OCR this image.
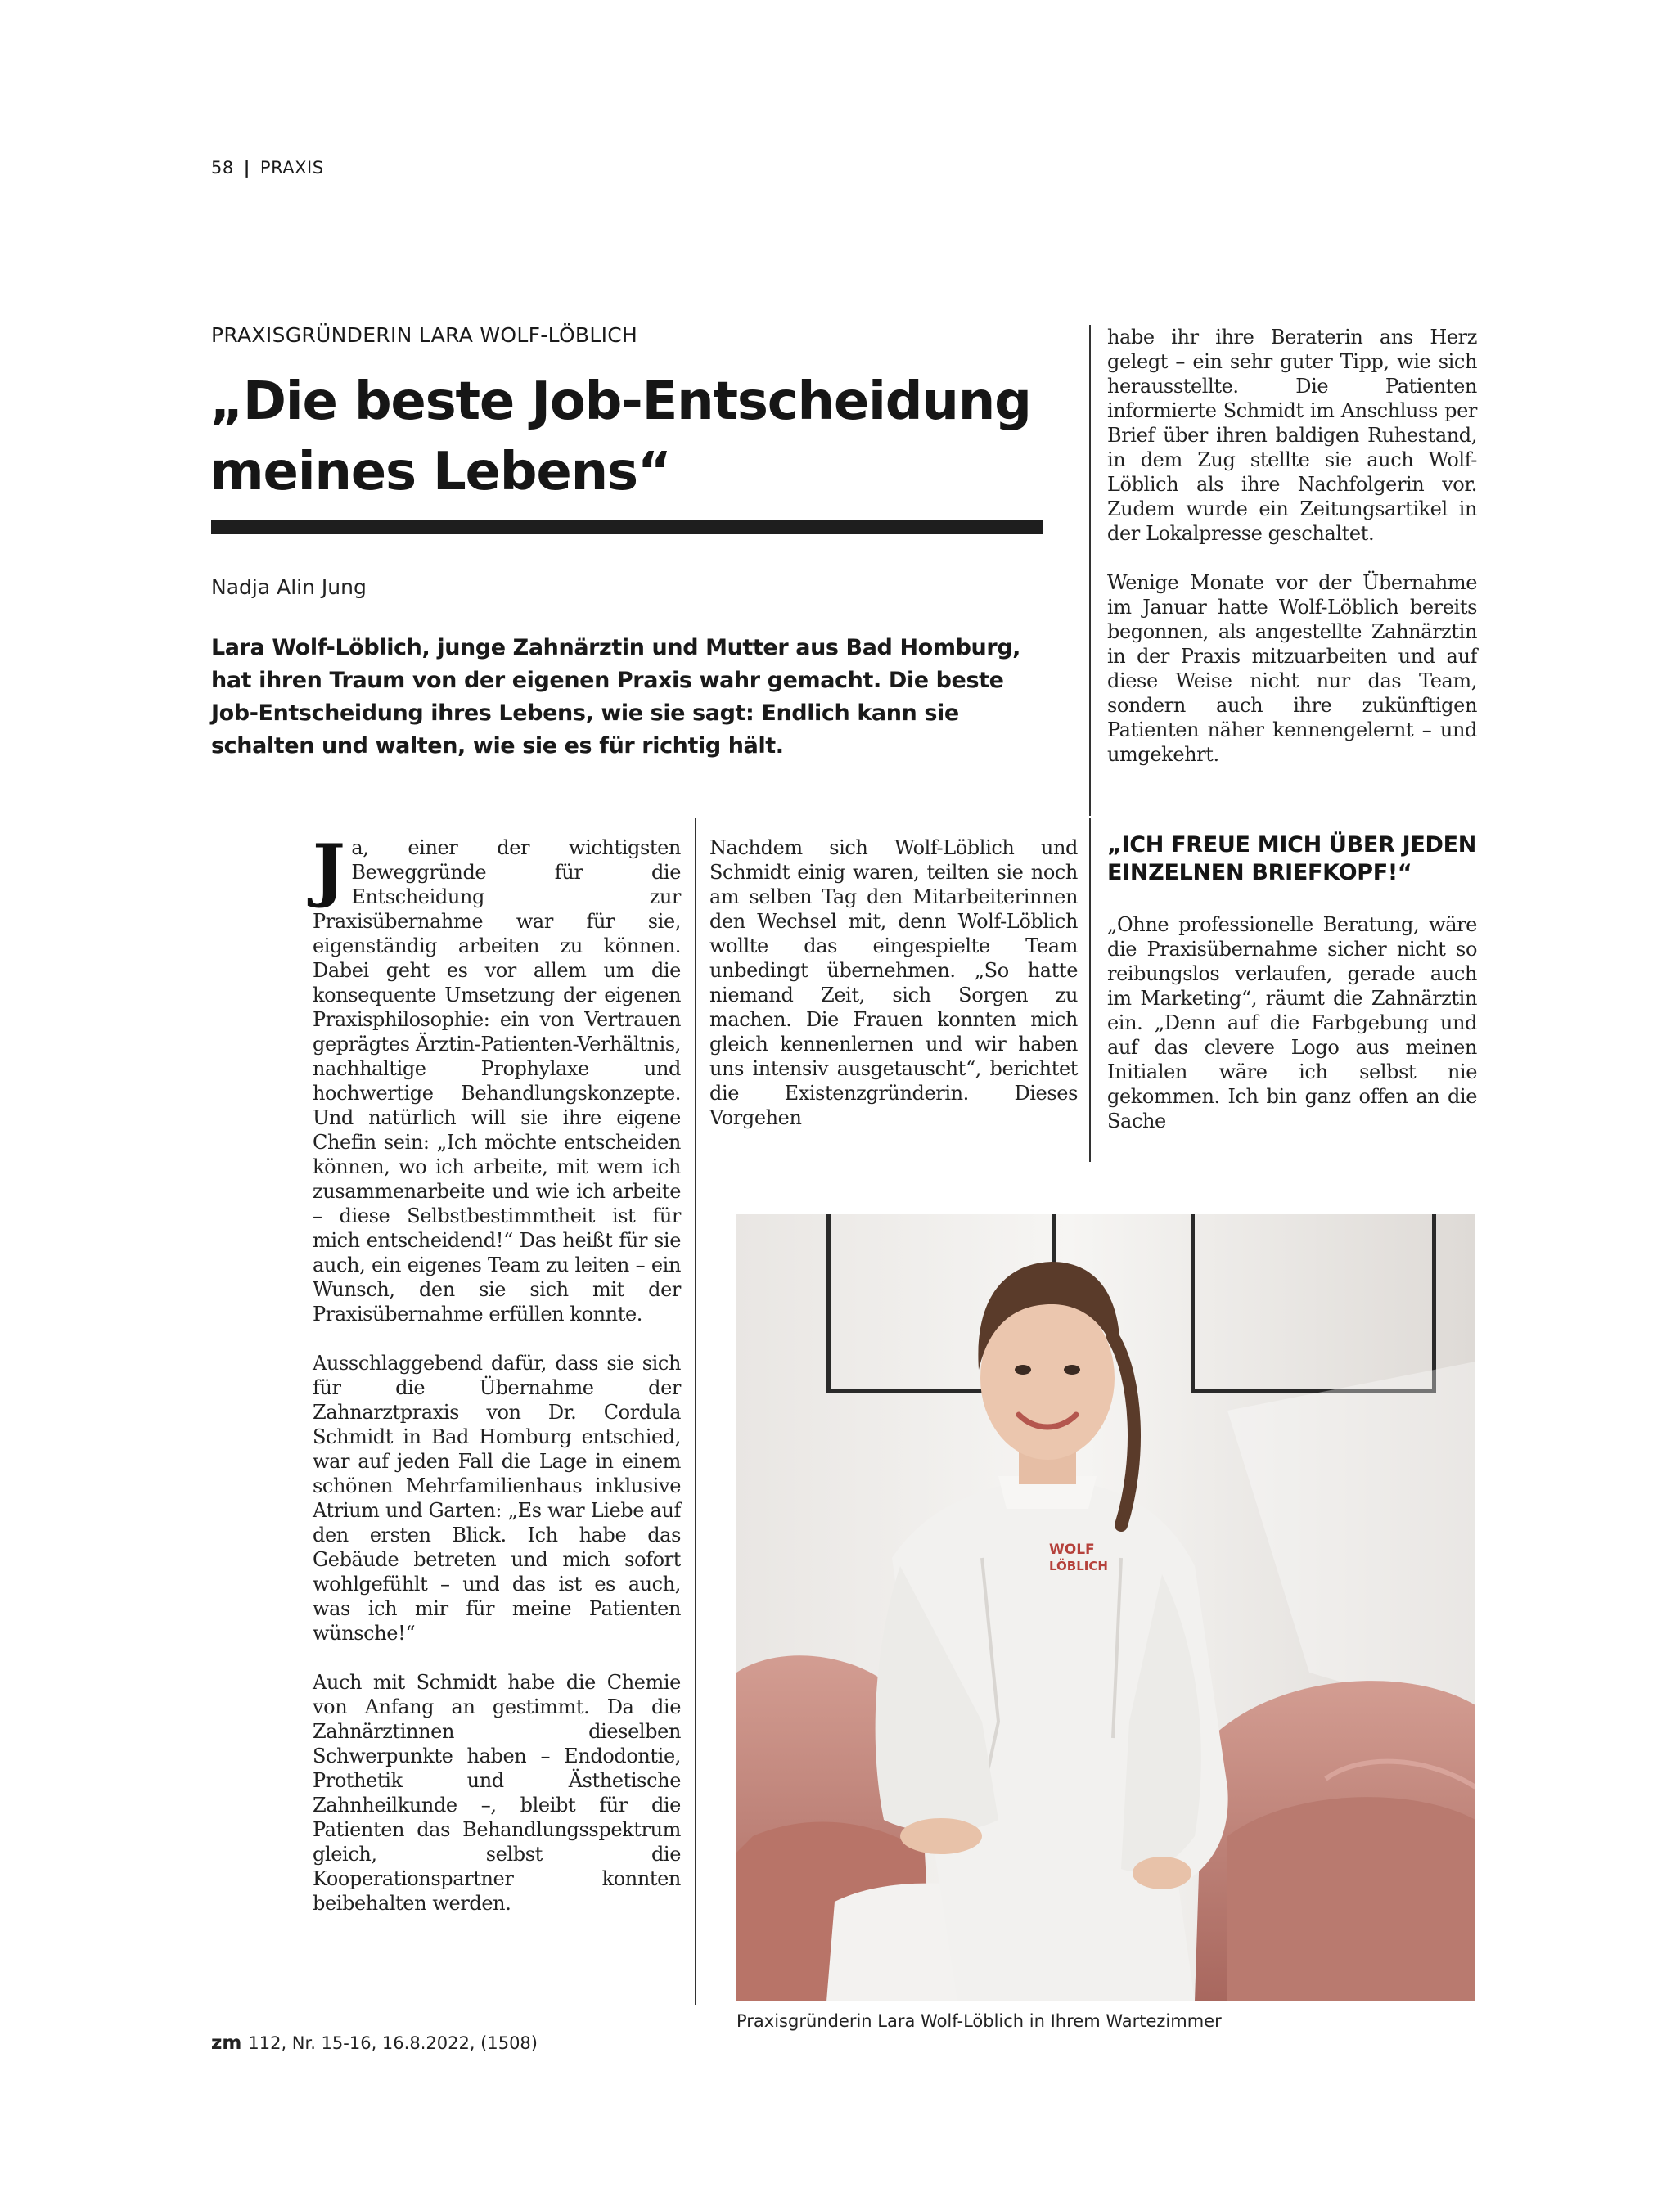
58 | PRAXIS
PRAXISGRÜNDERIN LARA WOLF-LÖBLICH
„Die beste Job-Entscheidung
meines Lebens“
Nadja Alin Jung

Lara Wolf-Löblich, junge Zahnärztin und Mutter aus Bad Homburg, hat ihren Traum von der eigenen Praxis wahr gemacht. Die beste Job-Entscheidung ihres Lebens, wie sie sagt: Endlich kann sie schalten und walten, wie sie es für richtig hält.

Ja, einer der wichtigsten Beweggründe für die Entscheidung zur Praxisübernahme war für sie, eigenständig arbeiten zu können. Dabei geht es vor allem um die konsequente Umsetzung der eigenen Praxisphilosophie: ein von Vertrauen geprägtes Ärztin-Patienten-Verhältnis, nachhaltige Prophylaxe und hochwertige Behandlungskonzepte. Und natürlich will sie ihre eigene Chefin sein: „Ich möchte entscheiden können, wo ich arbeite, mit wem ich zusammenarbeite und wie ich arbeite – diese Selbstbestimmtheit ist für mich entscheidend!“ Das heißt für sie auch, ein eigenes Team zu leiten – ein Wunsch, den sie sich mit der Praxisübernahme erfüllen konnte.

Ausschlaggebend dafür, dass sie sich für die Übernahme der Zahnarztpraxis von Dr. Cordula Schmidt in Bad Homburg entschied, war auf jeden Fall die Lage in einem schönen Mehrfamilienhaus inklusive Atrium und Garten: „Es war Liebe auf den ersten Blick. Ich habe das Gebäude betreten und mich sofort wohlgefühlt – und das ist es auch, was ich mir für meine Patienten wünsche!“

Auch mit Schmidt habe die Chemie von Anfang an gestimmt. Da die Zahnärztinnen dieselben Schwerpunkte haben – Endodontie, Prothetik und Ästhetische Zahnheilkunde –, bleibt für die Patienten das Behandlungsspektrum gleich, selbst die Kooperationspartner konnten beibehalten werden.

Nachdem sich Wolf-Löblich und Schmidt einig waren, teilten sie noch am selben Tag den Mitarbeiterinnen den Wechsel mit, denn Wolf-Löblich wollte das eingespielte Team unbedingt übernehmen. „So hatte niemand Zeit, sich Sorgen zu machen. Die Frauen konnten mich gleich kennenlernen und wir haben uns intensiv ausgetauscht“, berichtet die Existenzgründerin. Dieses Vorgehen

habe ihr ihre Beraterin ans Herz gelegt – ein sehr guter Tipp, wie sich herausstellte. Die Patienten informierte Schmidt im Anschluss per Brief über ihren baldigen Ruhestand, in dem Zug stellte sie auch Wolf-Löblich als ihre Nachfolgerin vor. Zudem wurde ein Zeitungsartikel in der Lokalpresse geschaltet.

Wenige Monate vor der Übernahme im Januar hatte Wolf-Löblich bereits begonnen, als angestellte Zahnärztin in der Praxis mitzuarbeiten und auf diese Weise nicht nur das Team, sondern auch ihre zukünftigen Patienten näher kennengelernt – und umgekehrt.

„ICH FREUE MICH ÜBER JEDEN EINZELNEN BRIEFKOPF!“

„Ohne professionelle Beratung, wäre die Praxisübernahme sicher nicht so reibungslos verlaufen, gerade auch im Marketing“, räumt die Zahnärztin ein. „Denn auf die Farbgebung und auf das clevere Logo aus meinen Initialen wäre ich selbst nie gekommen. Ich bin ganz offen an die Sache

WOLF
LÖBLICH
Praxisgründerin Lara Wolf-Löblich in Ihrem Wartezimmer
zm 112, Nr. 15-16, 16.8.2022, (1508)
